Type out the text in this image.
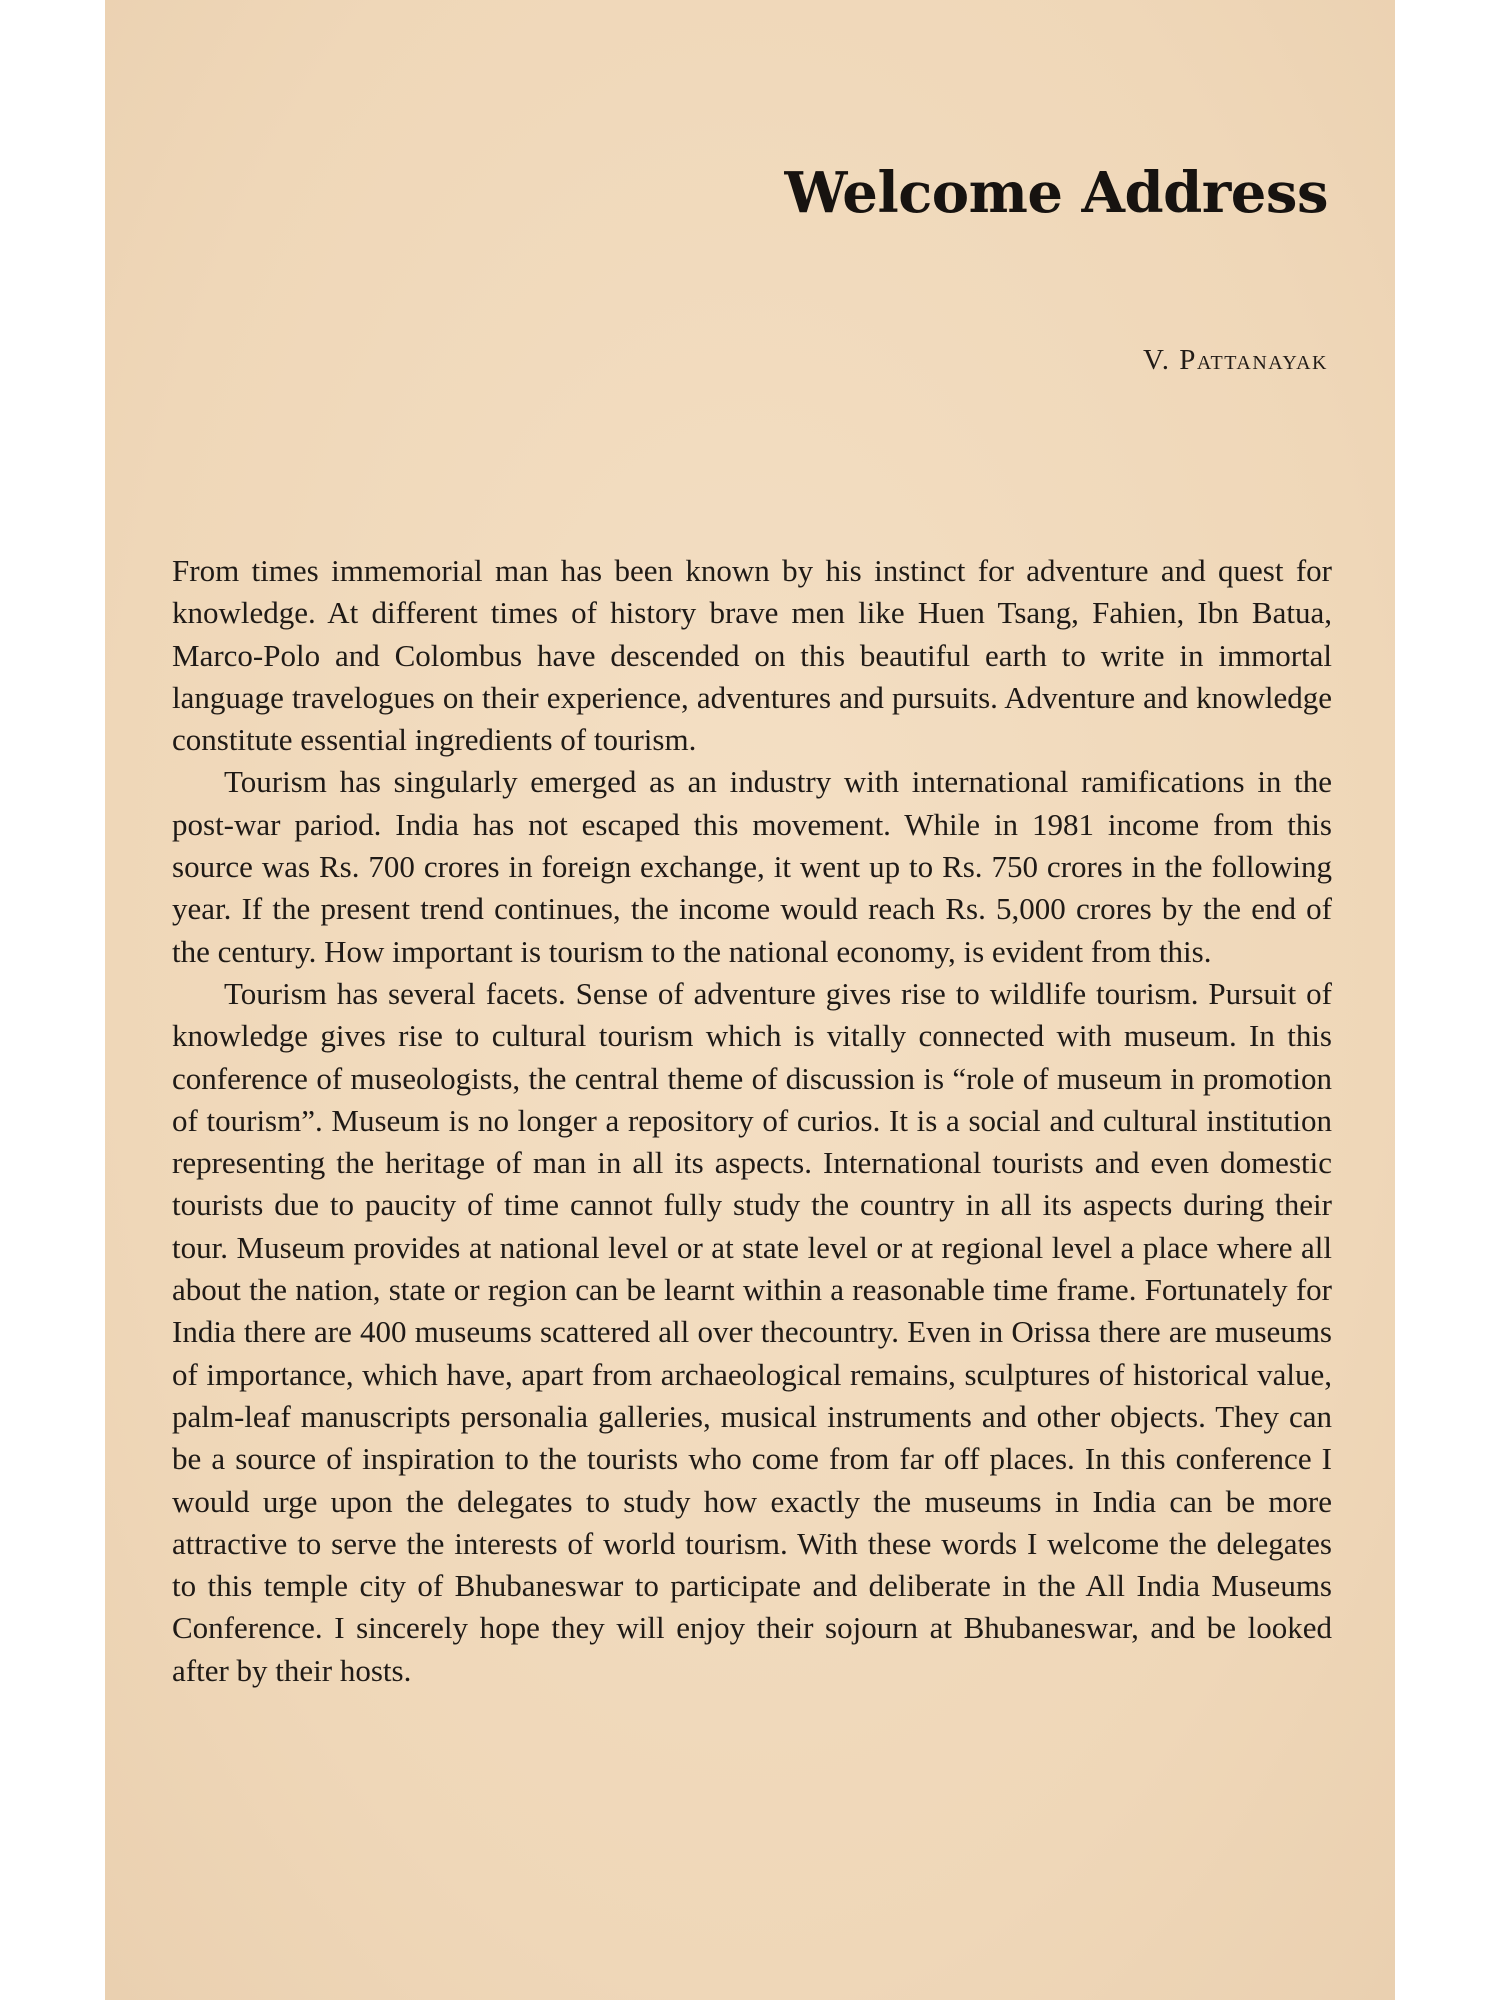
Welcome Address
V. Pattanayak

From times immemorial man has been known by his instinct for adventure and quest for knowledge. At different times of history brave men like Huen Tsang, Fahien, Ibn Batua, Marco-Polo and Colombus have descended on this beautiful earth to write in immortal language travelogues on their experience, adventures and pursuits. Adventure and knowledge constitute essential ingredients of tourism.

Tourism has singularly emerged as an industry with international ramifications in the post-war pariod. India has not escaped this movement. While in 1981 income from this source was Rs. 700 crores in foreign exchange, it went up to Rs. 750 crores in the following year. If the present trend continues, the income would reach Rs. 5,000 crores by the end of the century. How important is tourism to the national economy, is evident from this.

Tourism has several facets. Sense of adventure gives rise to wildlife tourism. Pursuit of knowledge gives rise to cultural tourism which is vitally connected with museum. In this conference of museologists, the central theme of discussion is “role of museum in promotion of tourism”. Museum is no longer a repository of curios. It is a social and cultural institution representing the heritage of man in all its aspects. International tourists and even domestic tourists due to paucity of time cannot fully study the country in all its aspects during their tour. Museum provides at national level or at state level or at regional level a place where all about the nation, state or region can be learnt within a reasonable time frame. Fortunately for India there are 400 museums scattered all over thecountry. Even in Orissa there are museums of importance, which have, apart from archaeological remains, sculptures of historical value, palm-leaf manuscripts personalia galleries, musical instruments and other objects. They can be a source of inspiration to the tourists who come from far off places. In this conference I would urge upon the delegates to study how exactly the museums in India can be more attractive to serve the interests of world tourism. With these words I welcome the delegates to this temple city of Bhubaneswar to participate and deliberate in the All India Museums Conference. I sincerely hope they will enjoy their sojourn at Bhubaneswar, and be looked after by their hosts.
